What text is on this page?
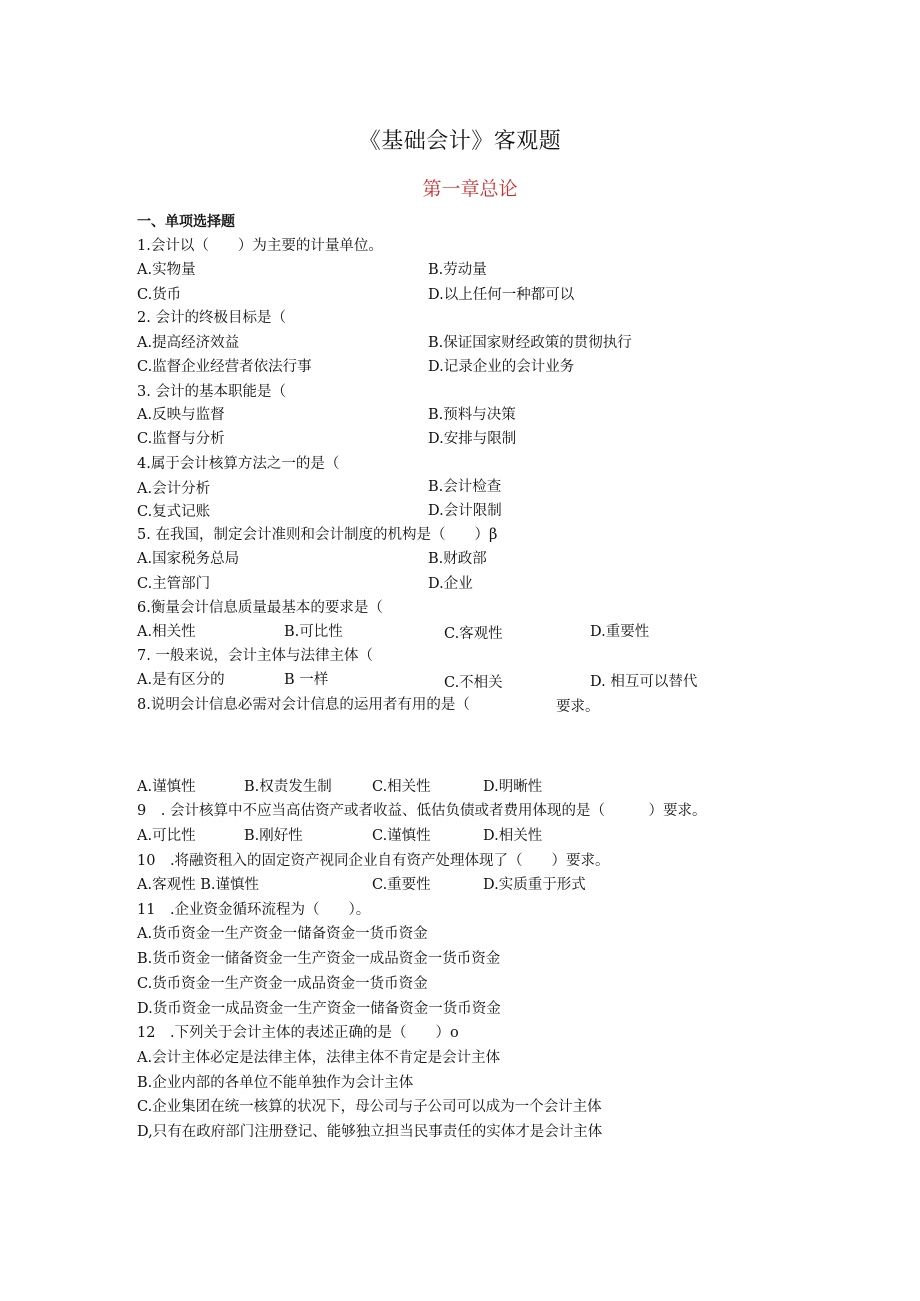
《基础会计》客观题
第一章总论
一、单项选择题
1.会计以（　　）为主要的计量单位。
A.实物量	B.劳动量
C.货币	D.以上任何一种都可以
2. 会计的终极目标是（
A.提高经济效益	B.保证国家财经政策的贯彻执行
C.监督企业经营者依法行事	D.记录企业的会计业务
3. 会计的基本职能是（
A.反映与监督	B.预料与决策
C.监督与分析	D.安排与限制
4.属于会计核算方法之一的是（
A.会计分析	B.会计检查
C.复式记账	D.会计限制
5. 在我国，制定会计准则和会计制度的机构是（　　）β
A.国家税务总局	B.财政部
C.主管部门	D.企业
6.衡量会计信息质量最基本的要求是（
A.相关性	B.可比性	C.客观性	D.重要性
7. 一般来说，会计主体与法律主体（
A.是有区分的	B 一样	C.不相关	D. 相互可以替代
8.说明会计信息必需对会计信息的运用者有用的是（	要求。
A.谨慎性	B.权责发生制	C.相关性	D.明晰性
9　. 会计核算中不应当高估资产或者收益、低估负债或者费用体现的是（　　　）要求。
A.可比性	B.刚好性	C.谨慎性	D.相关性
10　.将融资租入的固定资产视同企业自有资产处理体现了（　　）要求。
A.客观性 B.谨慎性	C.重要性	D.实质重于形式
11　.企业资金循环流程为（　　）。
A.货币资金一生产资金一储备资金一货币资金
B.货币资金一储备资金一生产资金一成品资金一货币资金
C.货币资金一生产资金一成品资金一货币资金
D.货币资金一成品资金一生产资金一储备资金一货币资金
12　.下列关于会计主体的表述正确的是（　　）o
A.会计主体必定是法律主体，法律主体不肯定是会计主体
B.企业内部的各单位不能单独作为会计主体
C.企业集团在统一核算的状况下，母公司与子公司可以成为一个会计主体
D,只有在政府部门注册登记、能够独立担当民事责任的实体才是会计主体
